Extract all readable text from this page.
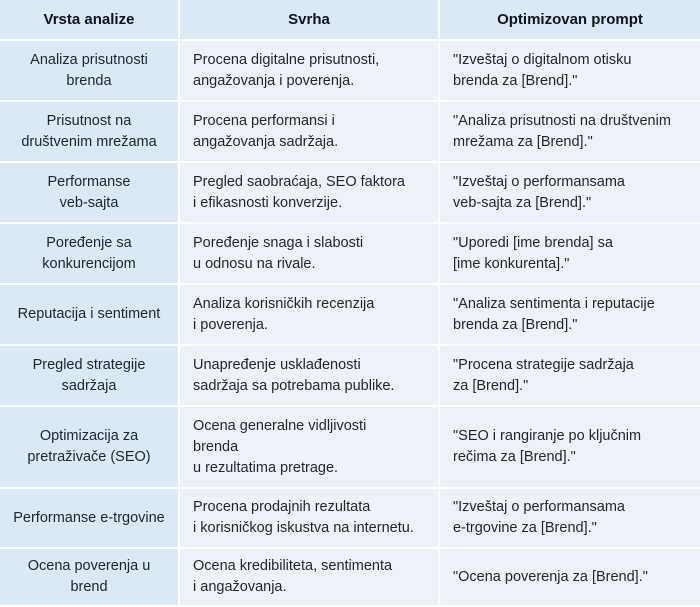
Vrsta analize	Svrha	Optimizovan prompt
Analiza prisutnosti
brenda
Procena digitalne prisutnosti,
angažovanja i poverenja.
"Izveštaj o digitalnom otisku
brenda za [Brend]."
Prisutnost na
društvenim mrežama
Procena performansi i
angažovanja sadržaja.
"Analiza prisutnosti na društvenim
mrežama za [Brend]."
Performanse
veb-sajta
Pregled saobraćaja, SEO faktora
i efikasnosti konverzije.
"Izveštaj o performansama
veb-sajta za [Brend]."
Poređenje sa
konkurencijom
Poređenje snaga i slabosti
u odnosu na rivale.
"Uporedi [ime brenda] sa
[ime konkurenta]."
Reputacija i sentiment
Analiza korisničkih recenzija
i poverenja.
"Analiza sentimenta i reputacije
brenda za [Brend]."
Pregled strategije
sadržaja
Unapređenje usklađenosti
sadržaja sa potrebama publike.
"Procena strategije sadržaja
za [Brend]."
Optimizacija za
pretraživače (SEO)
Ocena generalne vidljivosti
brenda
u rezultatima pretrage.
"SEO i rangiranje po ključnim
rečima za [Brend]."
Performanse e-trgovine
Procena prodajnih rezultata
i korisničkog iskustva na internetu.
"Izveštaj o performansama
e-trgovine za [Brend]."
Ocena poverenja u
brend
Ocena kredibiliteta, sentimenta
i angažovanja.
"Ocena poverenja za [Brend]."
